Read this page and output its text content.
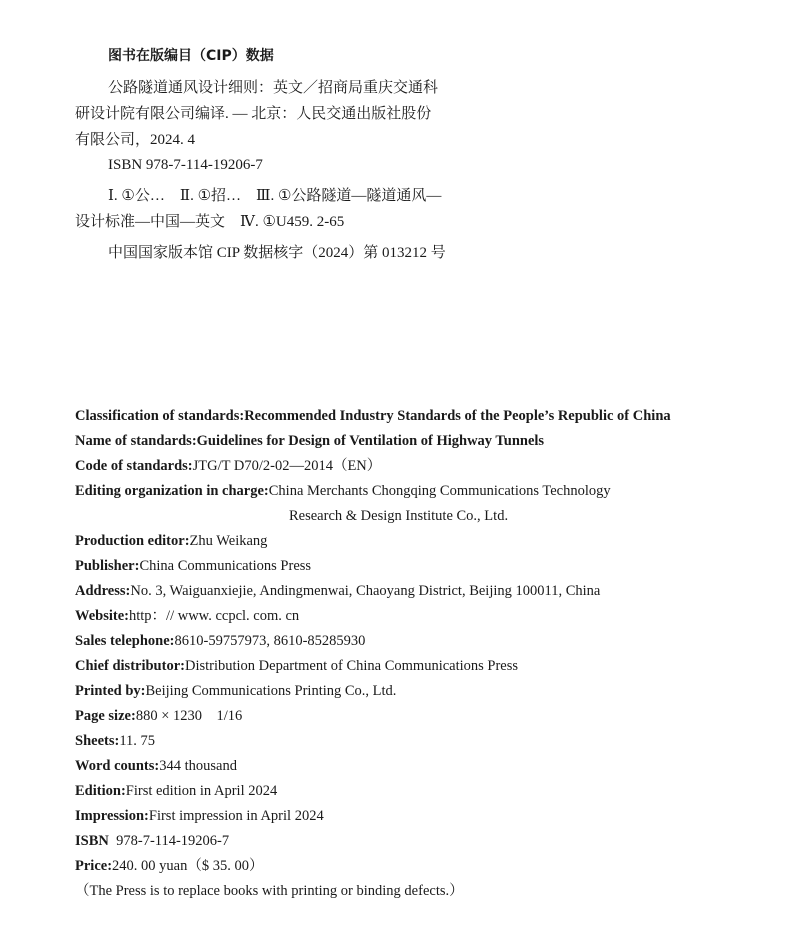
图书在版编目（CIP）数据
公路隧道通风设计细则：英文／招商局重庆交通科
研设计院有限公司编译. — 北京：人民交通出版社股份
有限公司，2024. 4
ISBN 978-7-114-19206-7
Ⅰ. ①公…　Ⅱ. ①招…　Ⅲ. ①公路隧道—隧道通风—
设计标准—中国—英文　Ⅳ. ①U459. 2-65
中国国家版本馆 CIP 数据核字（2024）第 013212 号
Classification of standards:Recommended Industry Standards of the People’s Republic of China
Name of standards:Guidelines for Design of Ventilation of Highway Tunnels
Code of standards:JTG/T D70/2-02—2014（EN）
Editing organization in charge:China Merchants Chongqing Communications Technology
Research & Design Institute Co., Ltd.
Production editor:Zhu Weikang
Publisher:China Communications Press
Address:No. 3, Waiguanxiejie, Andingmenwai, Chaoyang District, Beijing 100011, China
Website:http：// www. ccpcl. com. cn
Sales telephone:8610-59757973, 8610-85285930
Chief distributor:Distribution Department of China Communications Press
Printed by:Beijing Communications Printing Co., Ltd.
Page size:880 × 1230　1/16
Sheets:11. 75
Word counts:344 thousand
Edition:First edition in April 2024
Impression:First impression in April 2024
ISBN 978-7-114-19206-7
Price:240. 00 yuan（$ 35. 00）
（The Press is to replace books with printing or binding defects.）
